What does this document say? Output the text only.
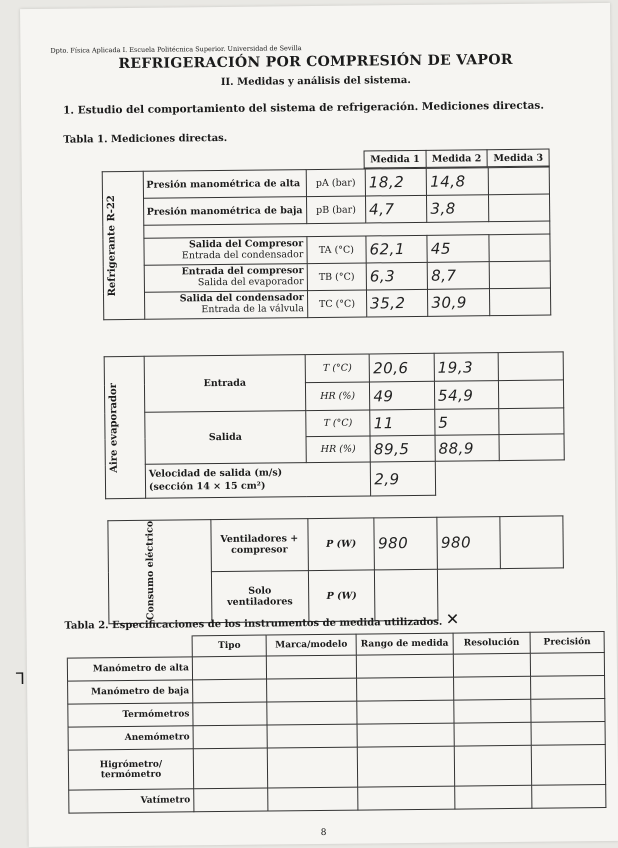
Dpto. Física Aplicada I. Escuela Politécnica Superior. Universidad de Sevilla
REFRIGERACIÓN POR COMPRESIÓN DE VAPOR
II. Medidas y análisis del sistema.
1. Estudio del comportamiento del sistema de refrigeración. Mediciones directas.
Tabla 1. Mediciones directas.
Medida 1	Medida 2	Medida 3
Refrigerante R-22	Presión manométrica de alta	pA (bar)	18,2	14,8	
	Presión manométrica de baja	pB (bar)	4,7	3,8	

	Salida del Compresor
Entrada del condensador	TA (°C)	62,1	45	
	Entrada del compresor
Salida del evaporador	TB (°C)	6,3	8,7	
	Salida del condensador
Entrada de la válvula	TC (°C)	35,2	30,9	
Aire evaporador	Entrada	T (°C)	20,6	19,3	
		HR (%)	49	54,9	
	Salida	T (°C)	11	5	
		HR (%)	89,5	88,9	
	Velocidad de salida (m/s)
(sección 14 × 15 cm²)		2,9		
Consumo eléctrico	Ventiladores + compresor	P (W)	980	980	
	Solo ventiladores	P (W)			
Tabla 2. Especificaciones de los instrumentos de medida utilizados. ✕
	Tipo	Marca/modelo	Rango de medida	Resolución	Precisión
Manómetro de alta					
Manómetro de baja					
Termómetros					
Anemómetro					
Higrómetro/ termómetro					
Vatímetro					
ᒣ
8
